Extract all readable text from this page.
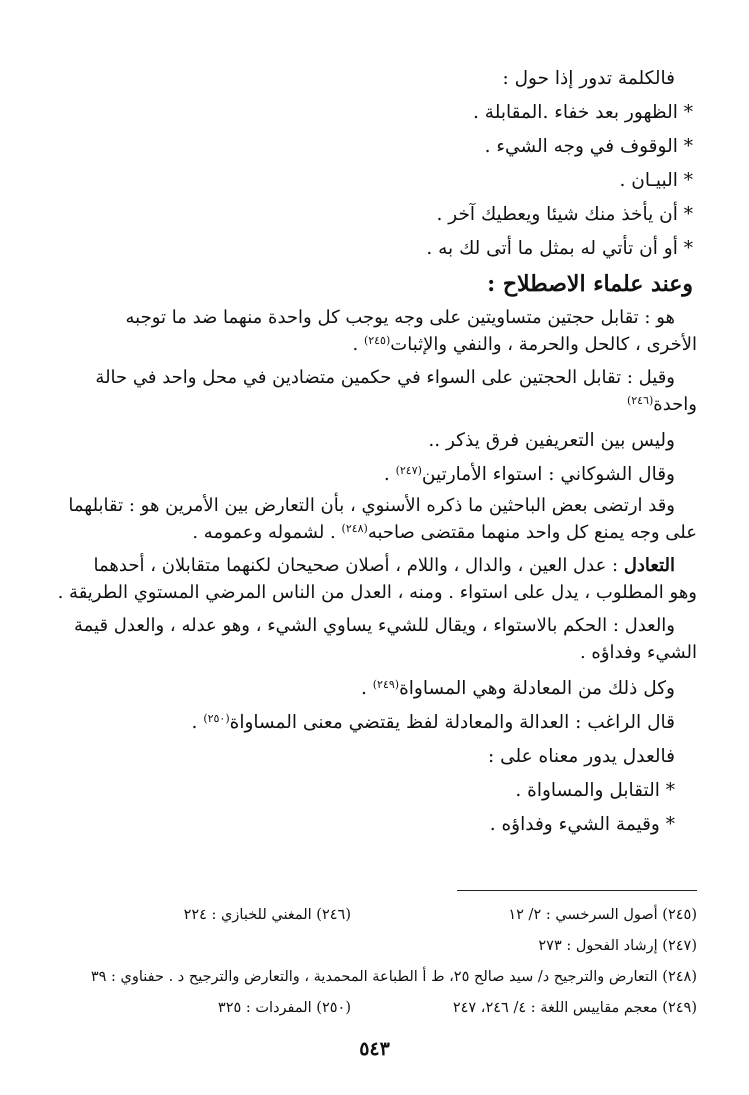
فالكلمة تدور إذا حول :
* الظهور بعد خفاء .المقابلة .
* الوقوف في وجه الشيء .
* البيـان .
* أن يأخذ منك شيئا ويعطيك آخر .
* أو أن تأتي له بمثل ما أتى لك به .
وعند علماء الاصطلاح :
هو : تقابل حجتين متساويتين على وجه يوجب كل واحدة منهما ضد ما توجبه
الأخرى ، كالحل والحرمة ، والنفي والإثبات$^{(٢٤٥)}$ .
وقيل : تقابل الحجتين على السواء في حكمين متضادين في محل واحد في حالة
واحدة$^{(٢٤٦)}$
وليس بين التعريفين فرق يذكر ..
وقال الشوكاني : استواء الأمارتين$^{(٢٤٧)}$ .
وقد ارتضى بعض الباحثين ما ذكره الأسنوي ، بأن التعارض بين الأمرين هو : تقابلهما
على وجه يمنع كل واحد منهما مقتضى صاحبه$^{(٢٤٨)}$ . لشموله وعمومه .
التعادل : عدل العين ، والدال ، واللام ، أصلان صحيحان لكنهما متقابلان ، أحدهما
وهو المطلوب ، يدل على استواء . ومنه ، العدل من الناس المرضي المستوي الطريقة .
والعدل : الحكم بالاستواء ، ويقال للشيء يساوي الشيء ، وهو عدله ، والعدل قيمة
الشيء وفداؤه .
وكل ذلك من المعادلة وهي المساواة$^{(٢٤٩)}$ .
قال الراغب : العدالة والمعادلة لفظ يقتضي معنى المساواة$^{(٢٥٠)}$ .
فالعدل يدور معناه على :
* التقابل والمساواة .
* وقيمة الشيء وفداؤه .
(٢٤٥) أصول السرخسي : ٢/ ١٢
(٢٤٦) المغني للخبازي : ٢٢٤
(٢٤٧) إرشاد الفحول : ٢٧٣
(٢٤٨) التعارض والترجيح د/ سيد صالح ٢٥، ط أ الطباعة المحمدية ، والتعارض والترجيح د . حفناوي : ٣٩
(٢٤٩) معجم مقاييس اللغة : ٤/ ٢٤٦، ٢٤٧
(٢٥٠) المفردات : ٣٢٥
٥٤٣
